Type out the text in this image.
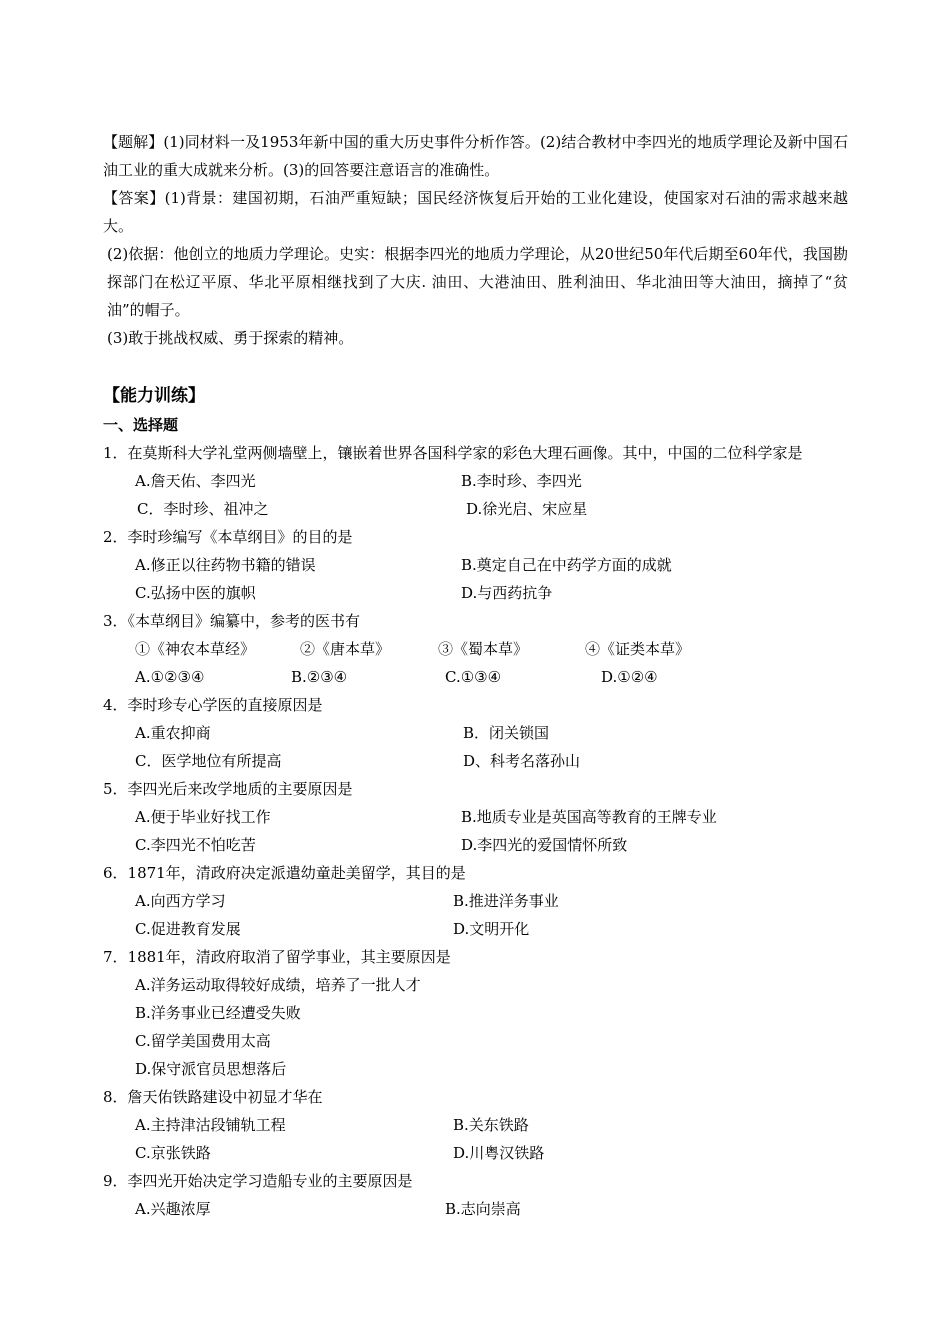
【题解】(1)同材料一及1953年新中国的重大历史事件分析作答。(2)结合教材中李四光的地质学理论及新中国石油工业的重大成就来分析。(3)的回答要注意语言的准确性。

【答案】(1)背景：建国初期，石油严重短缺；国民经济恢复后开始的工业化建设，使国家对石油的需求越来越大。

(2)依据：他创立的地质力学理论。史实：根据李四光的地质力学理论，从20世纪50年代后期至60年代，我国勘探部门在松辽平原、华北平原相继找到了大庆. 油田、大港油田、胜利油田、华北油田等大油田，摘掉了“贫油”的帽子。

(3)敢于挑战权威、勇于探索的精神。

【能力训练】
一、选择题
1．在莫斯科大学礼堂两侧墙壁上，镶嵌着世界各国科学家的彩色大理石画像。其中，中国的二位科学家是
A.詹天佑、李四光	B.李时珍、李四光
C．李时珍、祖冲之	D.徐光启、宋应星
2．李时珍编写《本草纲目》的目的是
A.修正以往药物书籍的错误	B.奠定自己在中药学方面的成就
C.弘扬中医的旗帜	D.与西药抗争
3．《本草纲目》编纂中，参考的医书有
①《神农本草经》	②《唐本草》	③《蜀本草》	④《证类本草》
A.①②③④	B.②③④	C.①③④	D.①②④
4．李时珍专心学医的直接原因是
A.重农抑商	B．闭关锁国
C．医学地位有所提高	D、科考名落孙山
5．李四光后来改学地质的主要原因是
A.便于毕业好找工作	B.地质专业是英国高等教育的王牌专业
C.李四光不怕吃苦	D.李四光的爱国情怀所致
6．1871年，清政府决定派遣幼童赴美留学，其目的是
A.向西方学习	B.推进洋务事业
C.促进教育发展	D.文明开化
7．1881年，清政府取消了留学事业，其主要原因是
A.洋务运动取得较好成绩，培养了一批人才
B.洋务事业已经遭受失败
C.留学美国费用太高
D.保守派官员思想落后
8．詹天佑铁路建设中初显才华在
A.主持津沽段铺轨工程	B.关东铁路
C.京张铁路	D.川粤汉铁路
9．李四光开始决定学习造船专业的主要原因是
A.兴趣浓厚	B.志向崇高
